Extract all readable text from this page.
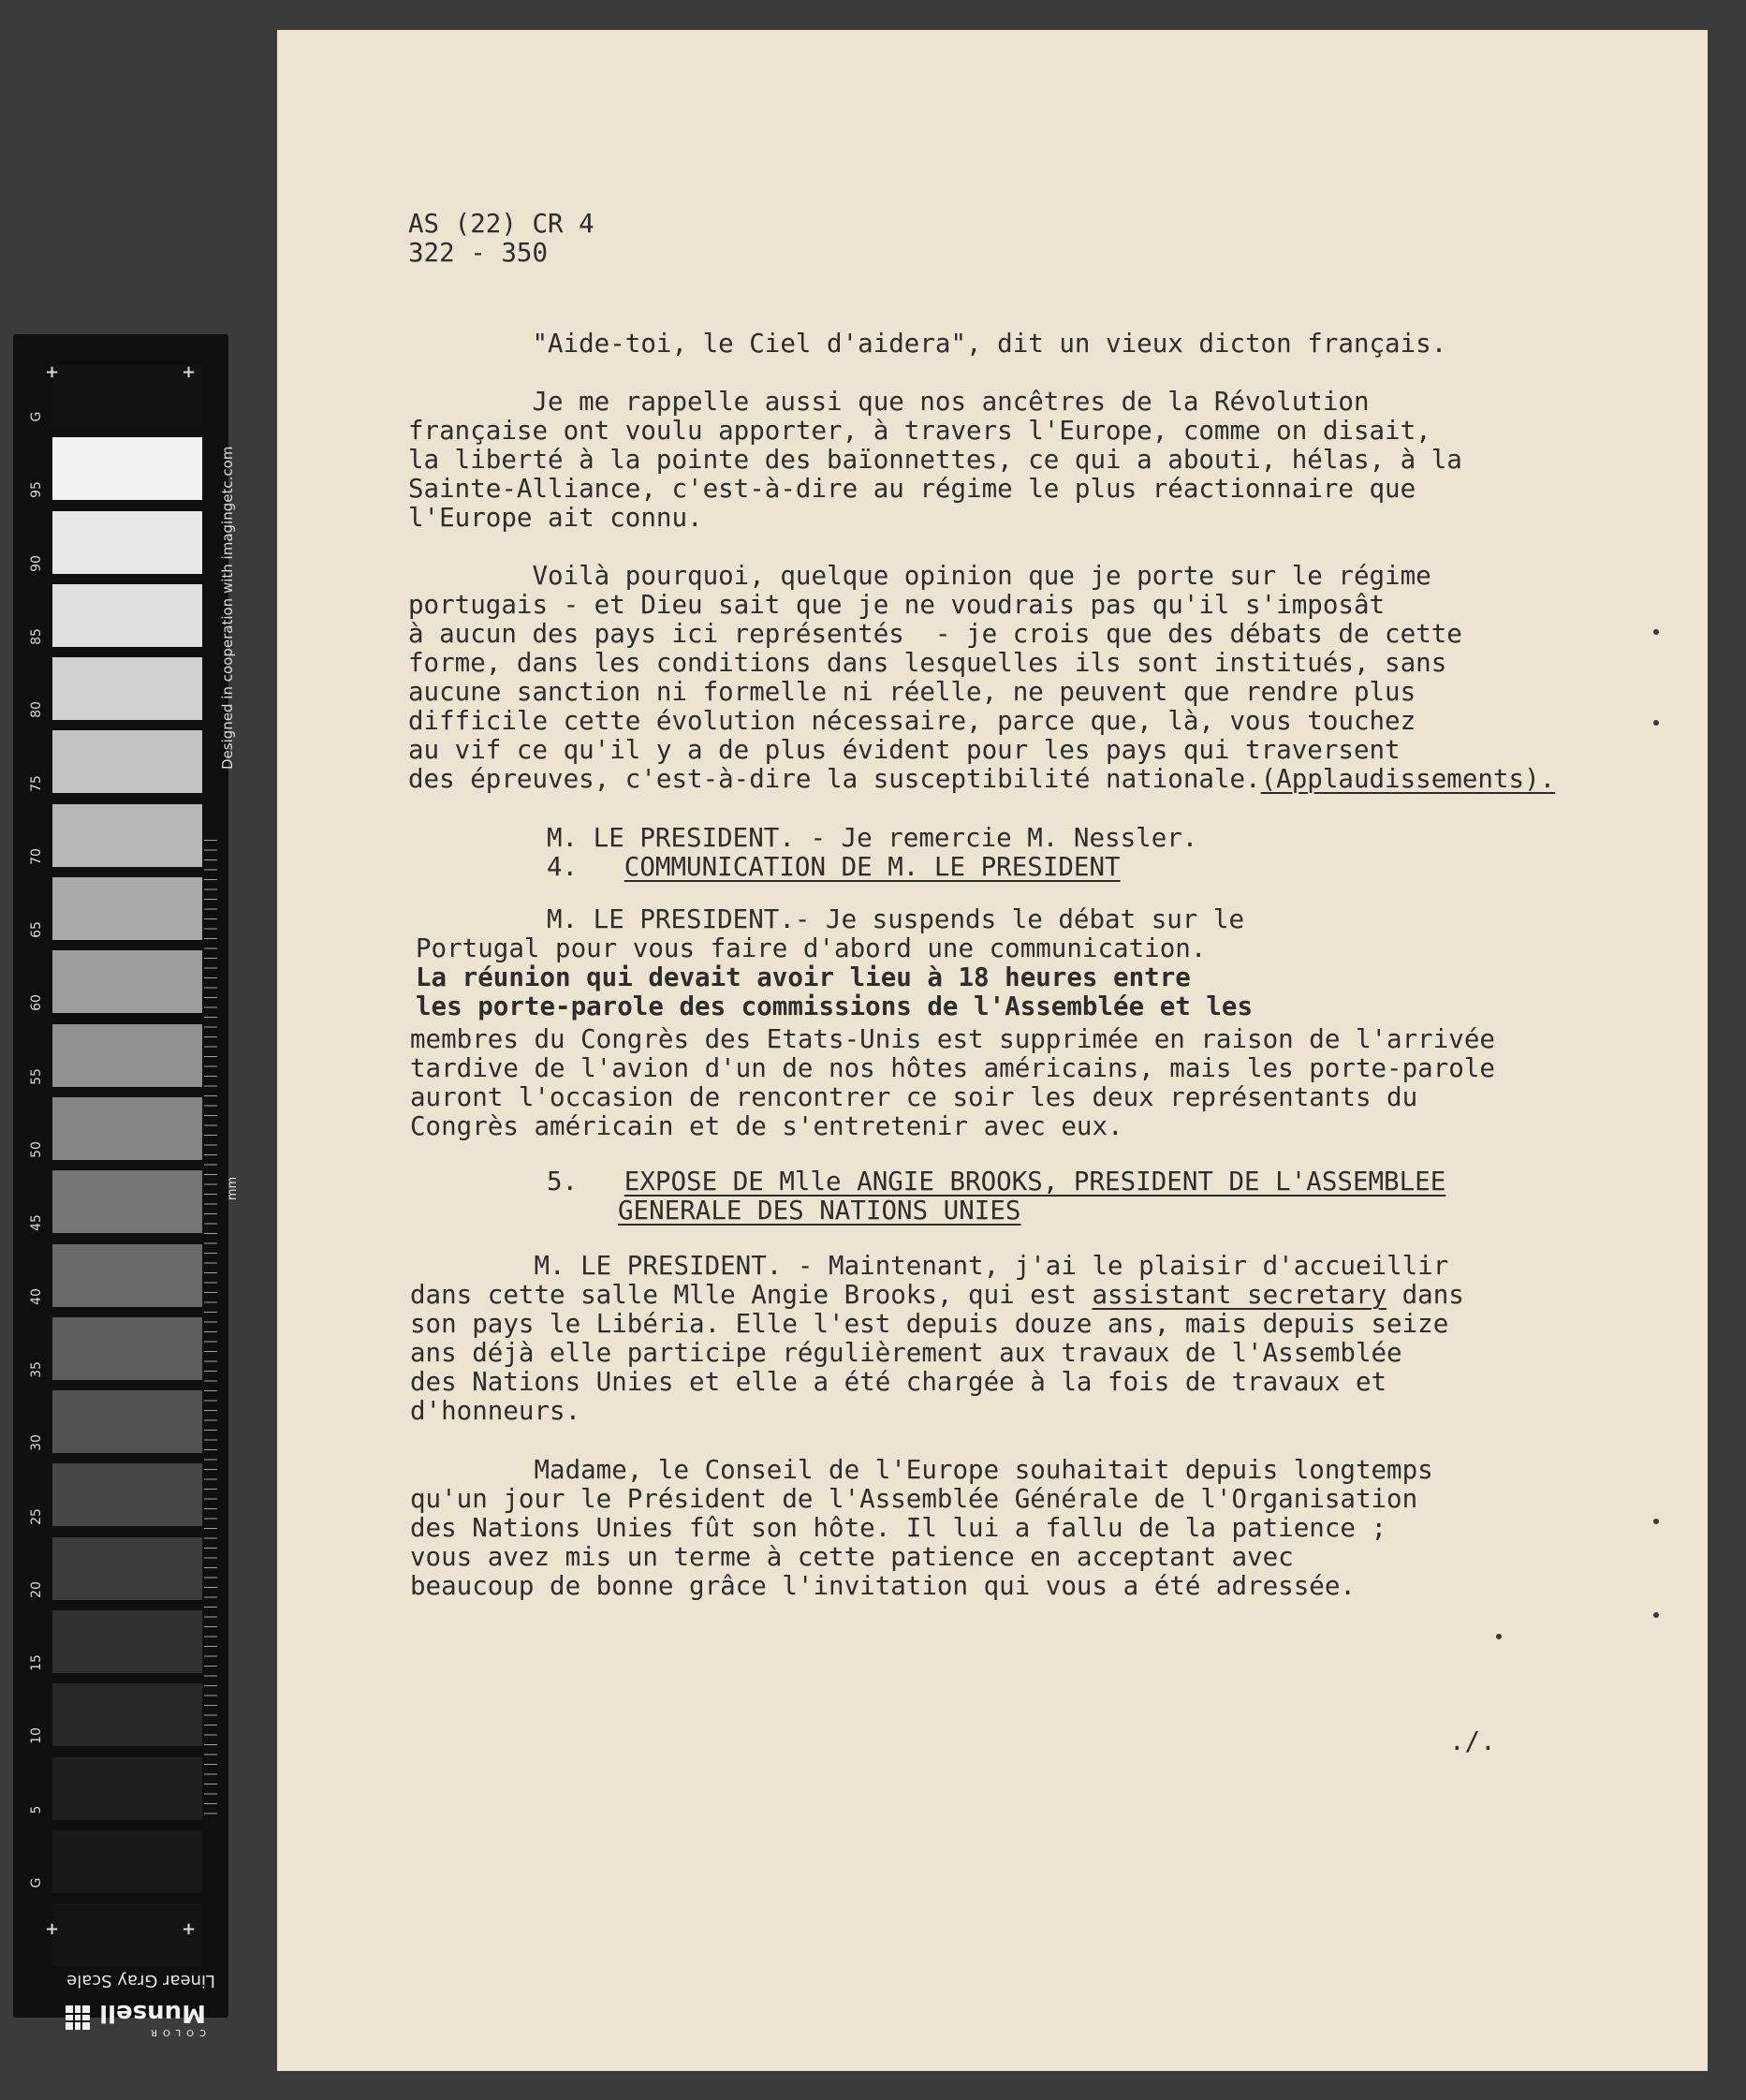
G
95
90
85
80
75
70
65
60
55
50
45
40
35
30
25
20
15
10
5
G
+	+
+	+
Designed in cooperation with imagingetc.com
mm
Linear Gray Scale
COLOR
Munsell

AS (22) CR 4

322 - 350

"Aide-toi, le Ciel d'aidera", dit un vieux dicton français.

Je me rappelle aussi que nos ancêtres de la Révolution

française ont voulu apporter, à travers l'Europe, comme on disait,

la liberté à la pointe des baïonnettes, ce qui a abouti, hélas, à la

Sainte-Alliance, c'est-à-dire au régime le plus réactionnaire que

l'Europe ait connu.

Voilà pourquoi, quelque opinion que je porte sur le régime

portugais - et Dieu sait que je ne voudrais pas qu'il s'imposât

à aucun des pays ici représentés  - je crois que des débats de cette

forme, dans les conditions dans lesquelles ils sont institués, sans

aucune sanction ni formelle ni réelle, ne peuvent que rendre plus

difficile cette évolution nécessaire, parce que, là, vous touchez

au vif ce qu'il y a de plus évident pour les pays qui traversent

des épreuves, c'est-à-dire la susceptibilité nationale.(Applaudissements).

M. LE PRESIDENT. - Je remercie M. Nessler.

4. COMMUNICATION DE M. LE PRESIDENT

M. LE PRESIDENT.- Je suspends le débat sur le

Portugal pour vous faire d'abord une communication.

La réunion qui devait avoir lieu à 18 heures entre

les porte-parole des commissions de l'Assemblée et les

membres du Congrès des Etats-Unis est supprimée en raison de l'arrivée

tardive de l'avion d'un de nos hôtes américains, mais les porte-parole

auront l'occasion de rencontrer ce soir les deux représentants du

Congrès américain et de s'entretenir avec eux.

5. EXPOSE DE Mlle ANGIE BROOKS, PRESIDENT DE L'ASSEMBLEE

GENERALE DES NATIONS UNIES

M. LE PRESIDENT. - Maintenant, j'ai le plaisir d'accueillir

dans cette salle Mlle Angie Brooks, qui est assistant secretary dans

son pays le Libéria. Elle l'est depuis douze ans, mais depuis seize

ans déjà elle participe régulièrement aux travaux de l'Assemblée

des Nations Unies et elle a été chargée à la fois de travaux et

d'honneurs.

Madame, le Conseil de l'Europe souhaitait depuis longtemps

qu'un jour le Président de l'Assemblée Générale de l'Organisation

des Nations Unies fût son hôte. Il lui a fallu de la patience ;

vous avez mis un terme à cette patience en acceptant avec

beaucoup de bonne grâce l'invitation qui vous a été adressée.

./.
